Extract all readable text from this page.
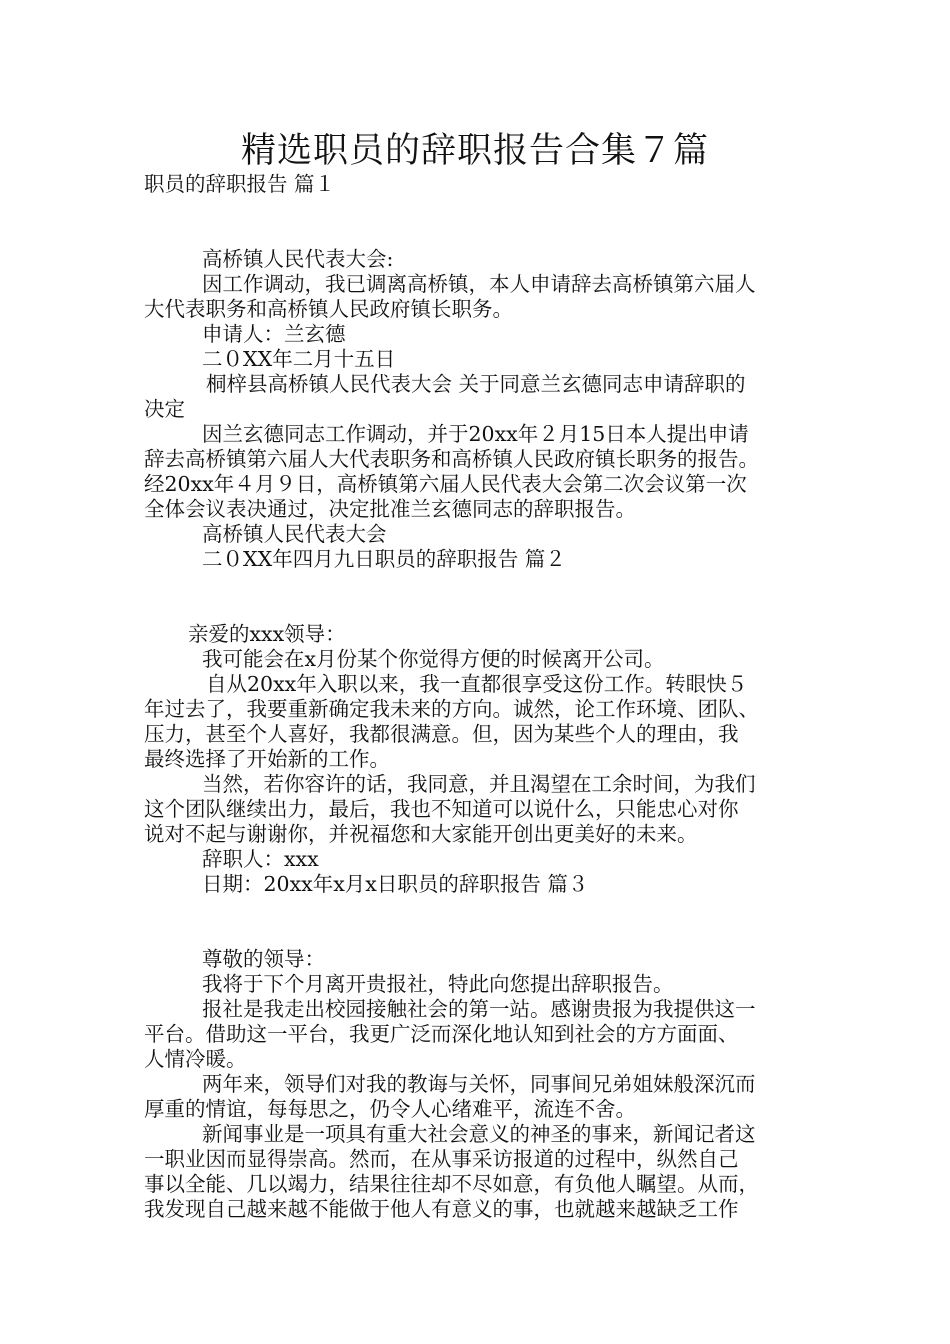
精选职员的辞职报告合集７篇
职员的辞职报告 篇１
高桥镇人民代表大会:
因工作调动，我已调离高桥镇，本人申请辞去高桥镇第六届人
大代表职务和高桥镇人民政府镇长职务。
申请人：兰玄德
二０XX年二月十五日
桐梓县高桥镇人民代表大会 关于同意兰玄德同志申请辞职的
决定
因兰玄德同志工作调动，并于20xx年２月15日本人提出申请
辞去高桥镇第六届人大代表职务和高桥镇人民政府镇长职务的报告。
经20xx年４月９日，高桥镇第六届人民代表大会第二次会议第一次
全体会议表决通过，决定批准兰玄德同志的辞职报告。
高桥镇人民代表大会
二０XX年四月九日职员的辞职报告 篇２
亲爱的xxx领导：
我可能会在x月份某个你觉得方便的时候离开公司。
自从20xx年入职以来，我一直都很享受这份工作。转眼快５
年过去了，我要重新确定我未来的方向。诚然，论工作环境、团队、
压力，甚至个人喜好，我都很满意。但，因为某些个人的理由，我
最终选择了开始新的工作。
当然，若你容许的话，我同意，并且渴望在工余时间，为我们
这个团队继续出力，最后，我也不知道可以说什么，只能忠心对你
说对不起与谢谢你，并祝福您和大家能开创出更美好的未来。
辞职人：xxx
日期：20xx年x月x日职员的辞职报告 篇３
尊敬的领导：
我将于下个月离开贵报社，特此向您提出辞职报告。
报社是我走出校园接触社会的第一站。感谢贵报为我提供这一
平台。借助这一平台，我更广泛而深化地认知到社会的方方面面、
人情冷暖。
两年来，领导们对我的教诲与关怀，同事间兄弟姐妹般深沉而
厚重的情谊，每每思之，仍令人心绪难平，流连不舍。
新闻事业是一项具有重大社会意义的神圣的事来，新闻记者这
一职业因而显得崇高。然而，在从事采访报道的过程中，纵然自己
事以全能、几以竭力，结果往往却不尽如意，有负他人瞩望。从而，
我发现自己越来越不能做于他人有意义的事，也就越来越缺乏工作
